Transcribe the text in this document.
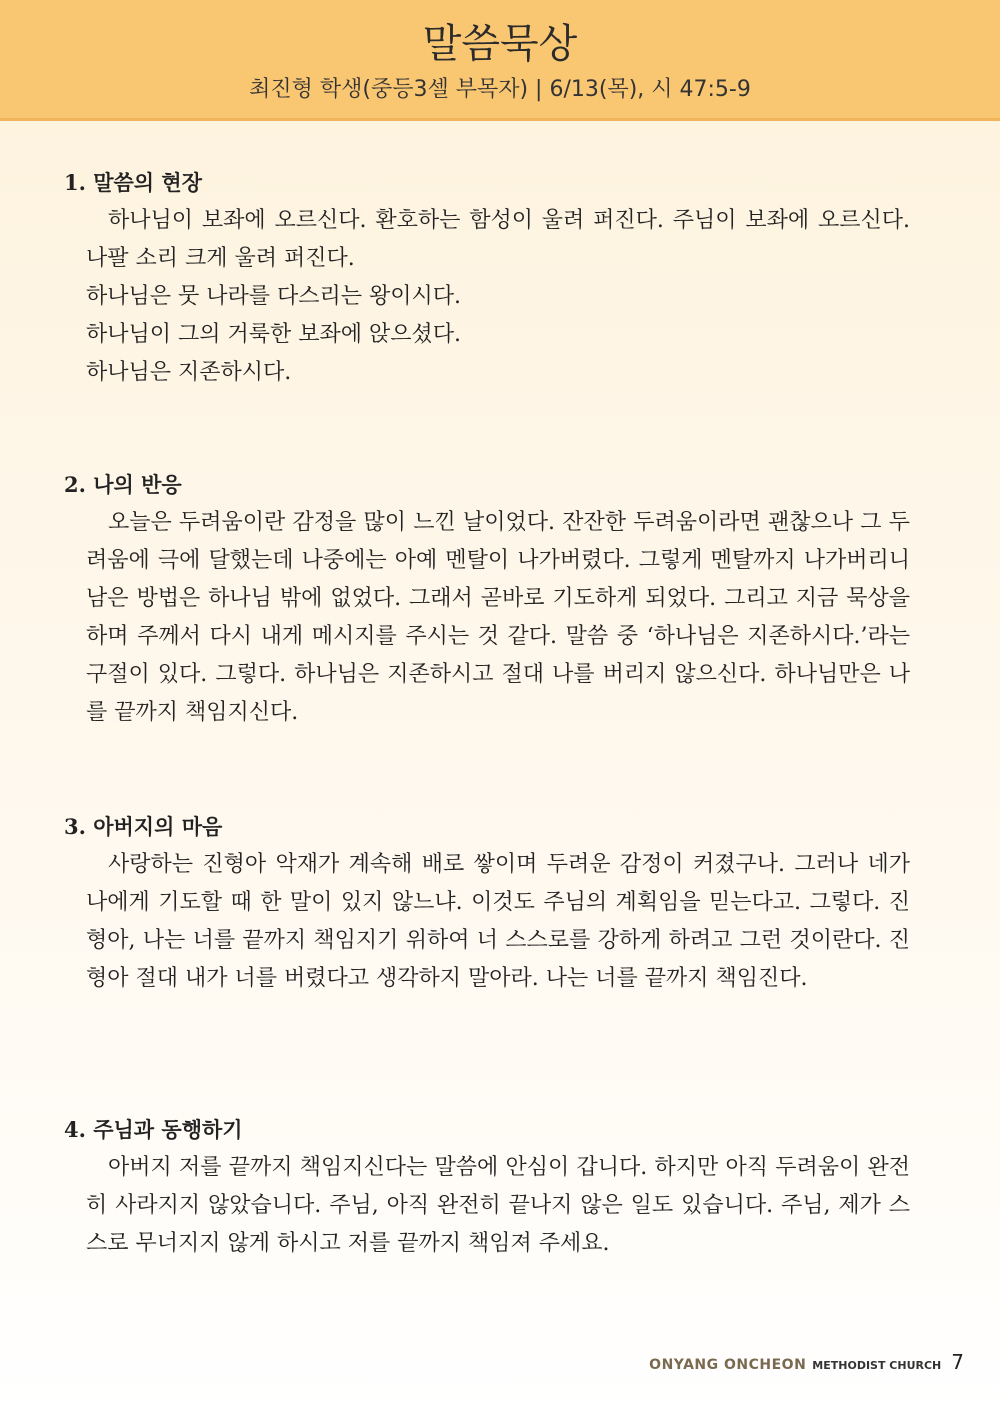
말씀묵상
최진형 학생(중등3셀 부목자) | 6/13(목), 시 47:5-9
1. 말씀의 현장

하나님이 보좌에 오르신다. 환호하는 함성이 울려 퍼진다. 주님이 보좌에 오르신다. 나팔 소리 크게 울려 퍼진다.

하나님은 뭇 나라를 다스리는 왕이시다.

하나님이 그의 거룩한 보좌에 앉으셨다.

하나님은 지존하시다.

2. 나의 반응

오늘은 두려움이란 감정을 많이 느낀 날이었다. 잔잔한 두려움이라면 괜찮으나 그 두려움에 극에 달했는데 나중에는 아예 멘탈이 나가버렸다. 그렇게 멘탈까지 나가버리니 남은 방법은 하나님 밖에 없었다. 그래서 곧바로 기도하게 되었다. 그리고 지금 묵상을 하며 주께서 다시 내게 메시지를 주시는 것 같다. 말씀 중 ‘하나님은 지존하시다.’라는 구절이 있다. 그렇다. 하나님은 지존하시고 절대 나를 버리지 않으신다. 하나님만은 나를 끝까지 책임지신다.

3. 아버지의 마음

사랑하는 진형아 악재가 계속해 배로 쌓이며 두려운 감정이 커졌구나. 그러나 네가 나에게 기도할 때 한 말이 있지 않느냐. 이것도 주님의 계획임을 믿는다고. 그렇다. 진형아, 나는 너를 끝까지 책임지기 위하여 너 스스로를 강하게 하려고 그런 것이란다. 진형아 절대 내가 너를 버렸다고 생각하지 말아라. 나는 너를 끝까지 책임진다.

4. 주님과 동행하기

아버지 저를 끝까지 책임지신다는 말씀에 안심이 갑니다. 하지만 아직 두려움이 완전히 사라지지 않았습니다. 주님, 아직 완전히 끝나지 않은 일도 있습니다. 주님, 제가 스스로 무너지지 않게 하시고 저를 끝까지 책임져 주세요.

ONYANG ONCHEON METHODIST CHURCH 7
